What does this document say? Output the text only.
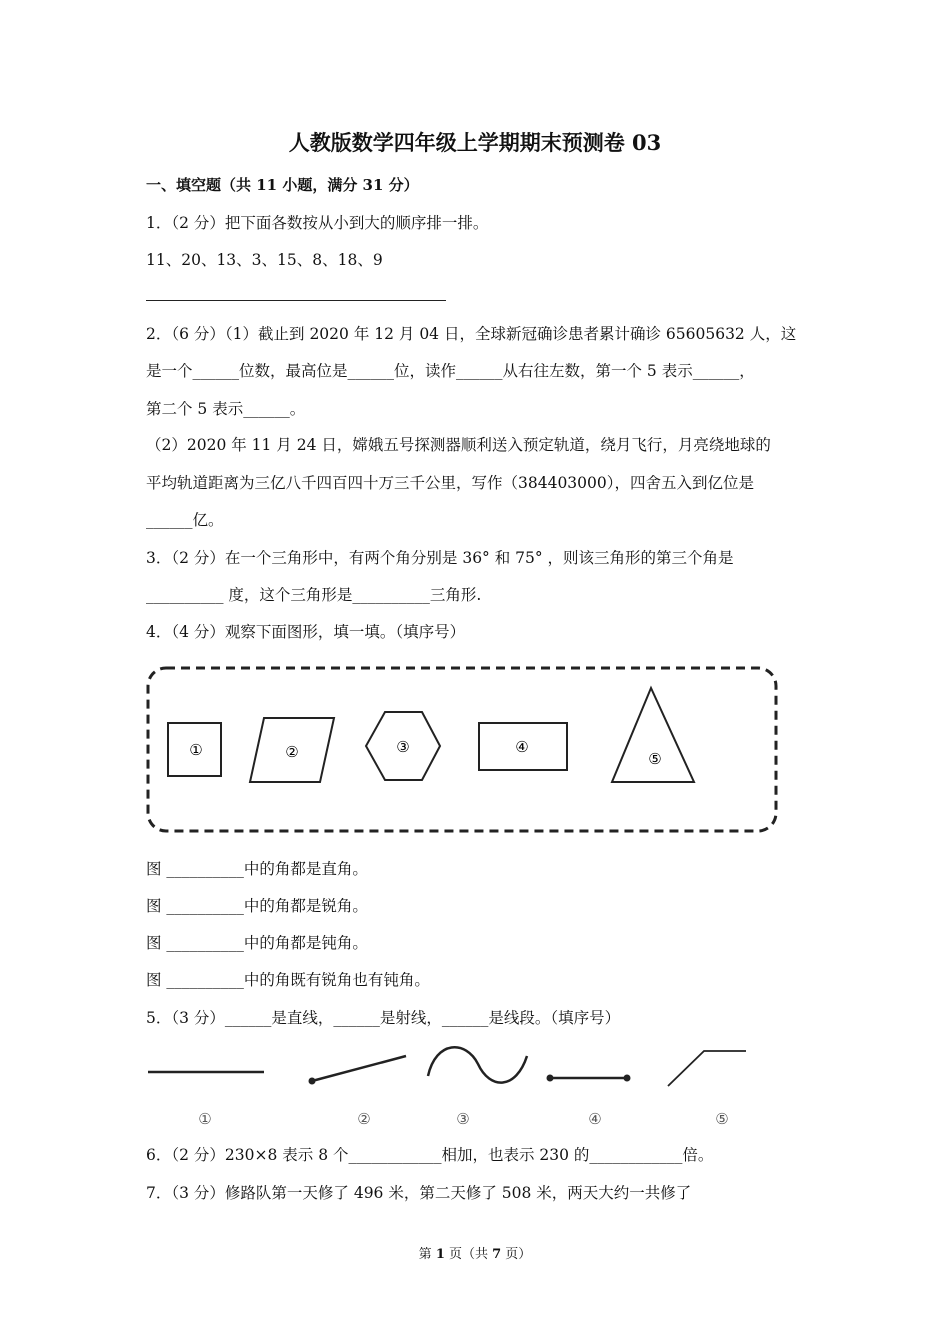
人教版数学四年级上学期期末预测卷 03
一、填空题（共 11 小题，满分 31 分）
1．（2 分）把下面各数按从小到大的顺序排一排。
11、20、13、3、15、8、18、9
2．（6 分）（1）截止到 2020 年 12 月 04 日，全球新冠确诊患者累计确诊 65605632 人，这
是一个______位数，最高位是______位，读作______从右往左数，第一个 5 表示______，
第二个 5 表示______。
（2）2020 年 11 月 24 日，嫦娥五号探测器顺利送入预定轨道，绕月飞行，月亮绕地球的
平均轨道距离为三亿八千四百四十万三千公里，写作（384403000），四舍五入到亿位是
______亿。
3．（2 分）在一个三角形中，有两个角分别是 36° 和 75° ，则该三角形的第三个角是
__________ 度，这个三角形是__________三角形.
4．（4 分）观察下面图形，填一填。（填序号）
①	②	③	④
⑤
图 __________中的角都是直角。
图 __________中的角都是锐角。
图 __________中的角都是钝角。
图 __________中的角既有锐角也有钝角。
5．（3 分）______是直线，______是射线，______是线段。（填序号）
①	②	③	④	⑤
6．（2 分）230×8 表示 8 个____________相加，也表示 230 的____________倍。
7．（3 分）修路队第一天修了 496 米，第二天修了 508 米，两天大约一共修了
第 1 页（共 7 页）
